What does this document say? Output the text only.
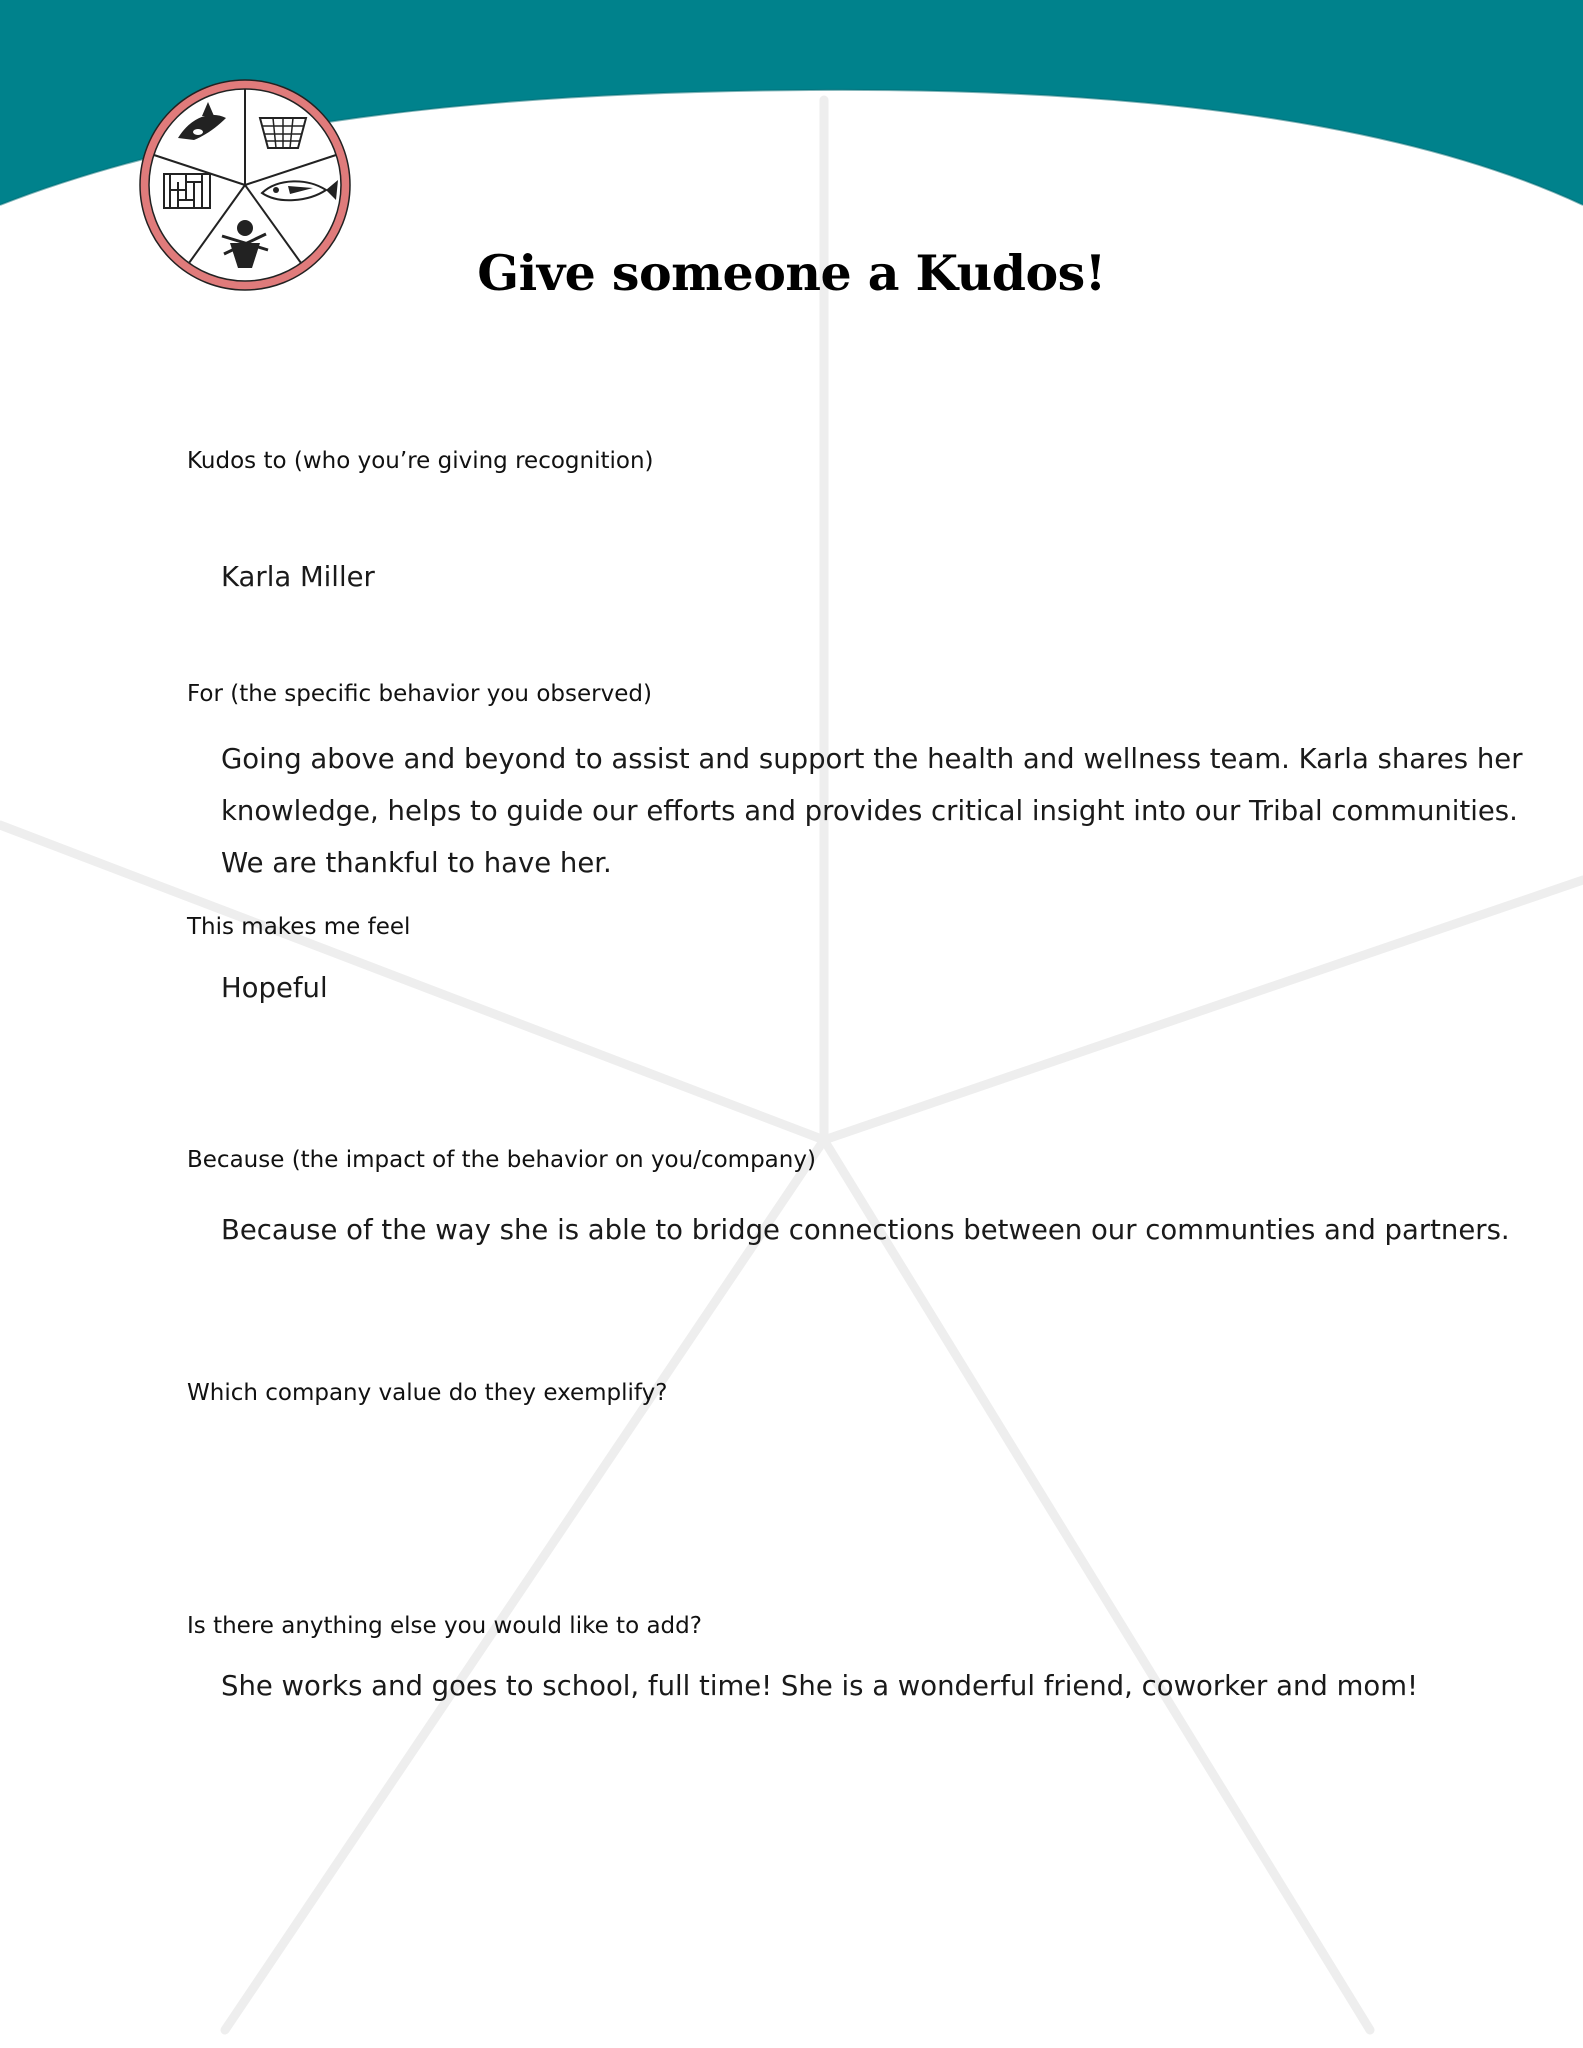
Give someone a Kudos!
Kudos to (who you’re giving recognition)
Karla Miller
For (the specific behavior you observed)
Going above and beyond to assist and support the health and wellness team. Karla shares her
knowledge, helps to guide our efforts and provides critical insight into our Tribal communities.
We are thankful to have her.
This makes me feel
Hopeful
Because (the impact of the behavior on you/company)
Because of the way she is able to bridge connections between our communties and partners.
Which company value do they exemplify?
Is there anything else you would like to add?
She works and goes to school, full time! She is a wonderful friend, coworker and mom!
